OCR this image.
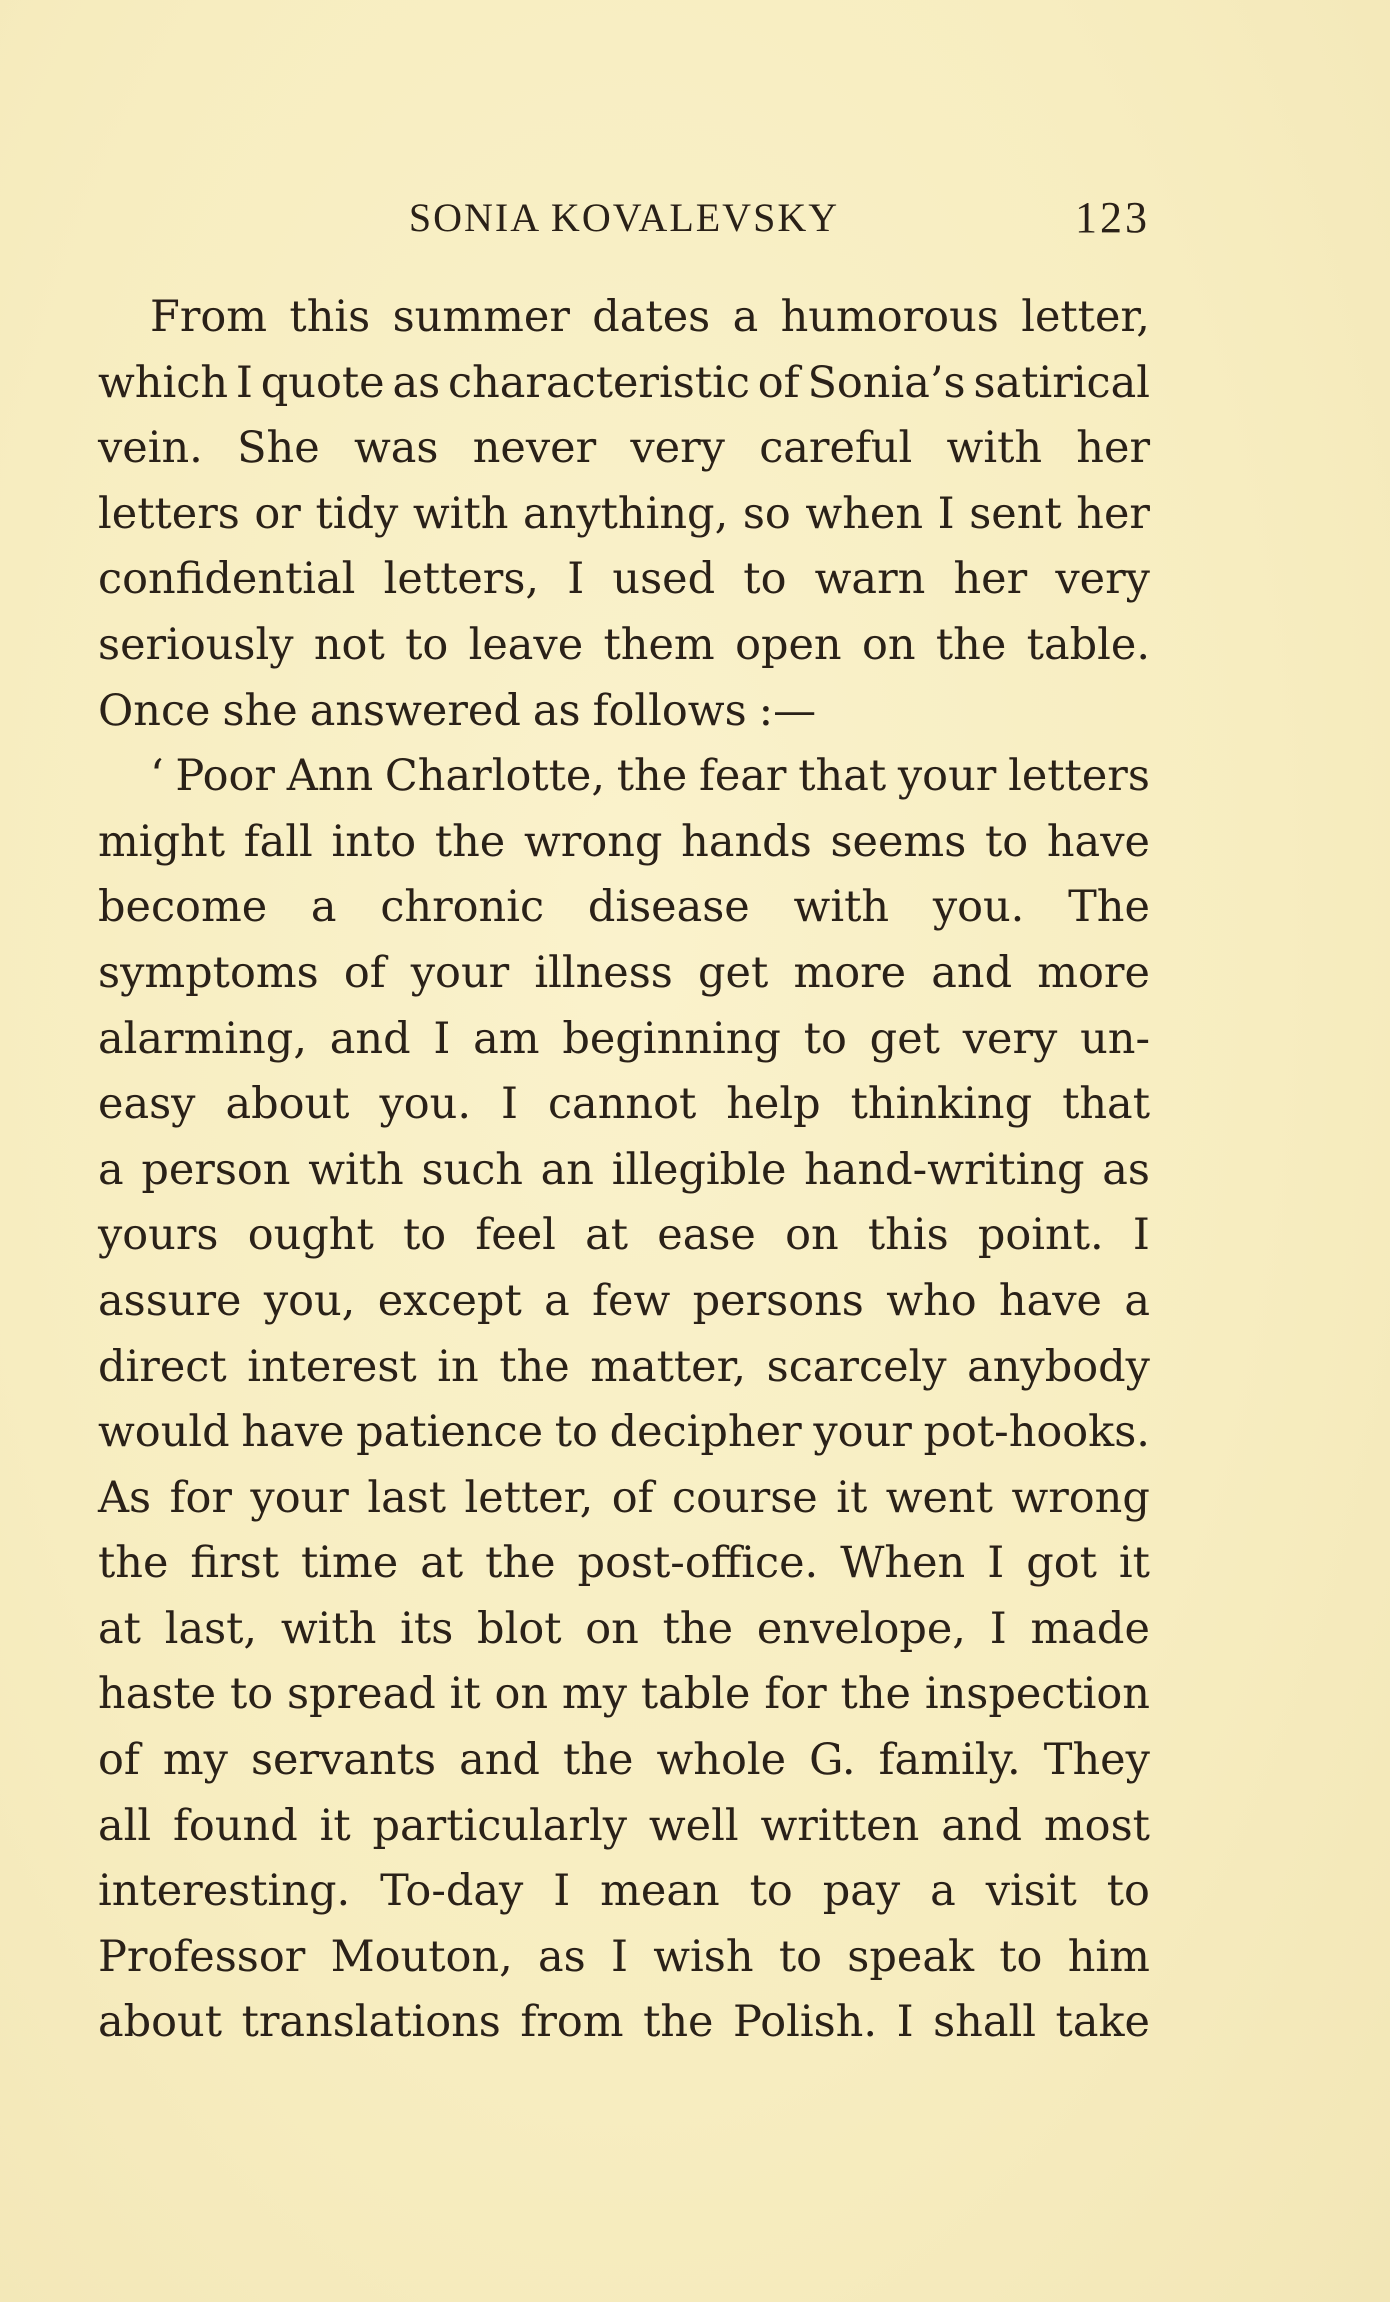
SONIA KOVALEVSKY	123
From this summer dates a humorous letter,
which I quote as characteristic of Sonia’s satirical
vein. She was never very careful with her
letters or tidy with anything, so when I sent her
confidential letters, I used to warn her very
seriously not to leave them open on the table.
Once she answered as follows :—
‘ Poor Ann Charlotte, the fear that your letters
might fall into the wrong hands seems to have
become a chronic disease with you. The
symptoms of your illness get more and more
alarming, and I am beginning to get very un-
easy about you. I cannot help thinking that
a person with such an illegible hand-writing as
yours ought to feel at ease on this point. I
assure you, except a few persons who have a
direct interest in the matter, scarcely anybody
would have patience to decipher your pot-hooks.
As for your last letter, of course it went wrong
the first time at the post-office. When I got it
at last, with its blot on the envelope, I made
haste to spread it on my table for the inspection
of my servants and the whole G. family. They
all found it particularly well written and most
interesting. To-day I mean to pay a visit to
Professor Mouton, as I wish to speak to him
about translations from the Polish. I shall take
